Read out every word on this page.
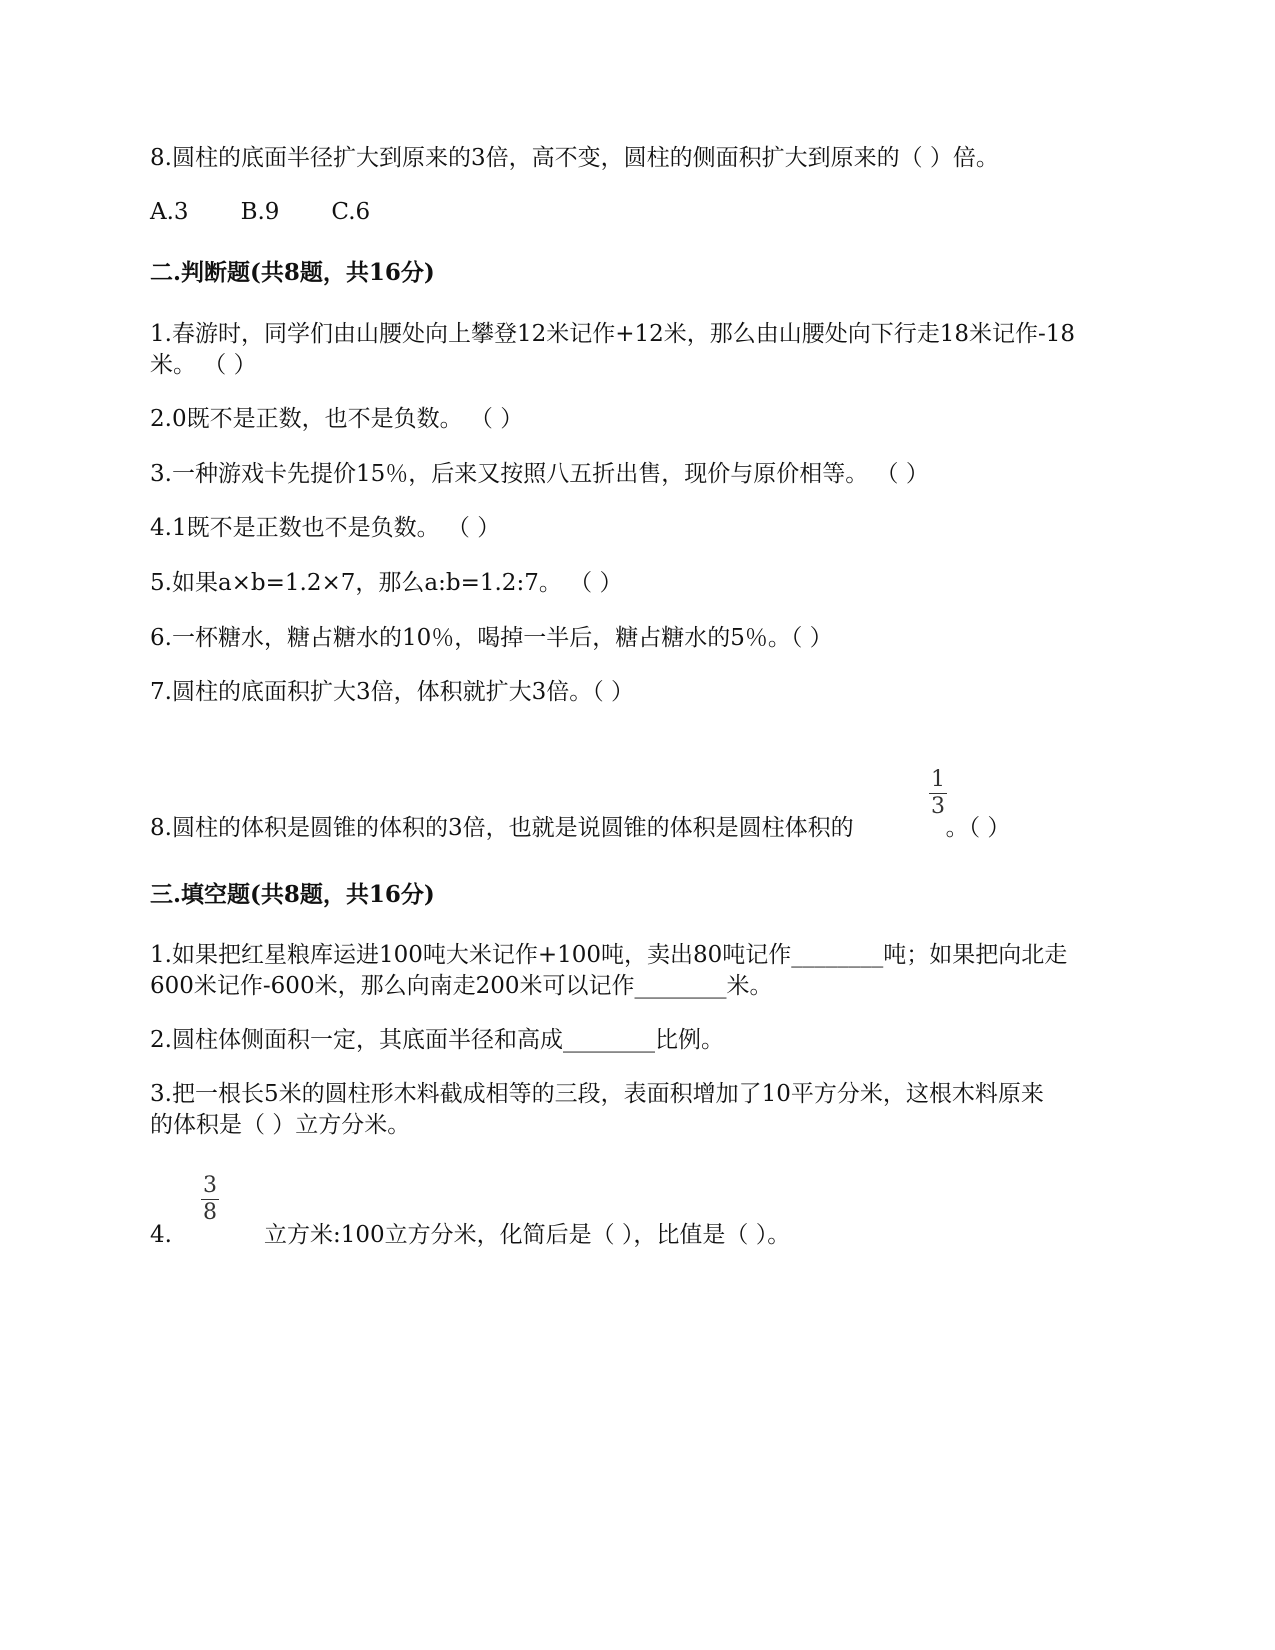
8.圆柱的底面半径扩大到原来的3倍，高不变，圆柱的侧面积扩大到原来的（ ）倍。
A.3 B.9 C.6
二.判断题(共8题，共16分)
1.春游时，同学们由山腰处向上攀登12米记作+12米，那么由山腰处向下行走18米记作-18
米。 （ ）
2.0既不是正数，也不是负数。 （ ）
3.一种游戏卡先提价15％，后来又按照八五折出售，现价与原价相等。 （ ）
4.1既不是正数也不是负数。 （ ）
5.如果a×b=1.2×7，那么a:b=1.2:7。 （ ）
6.一杯糖水，糖占糖水的10％，喝掉一半后，糖占糖水的5％。（ ）
7.圆柱的底面积扩大3倍，体积就扩大3倍。（ ）
8.圆柱的体积是圆锥的体积的3倍，也就是说圆锥的体积是圆柱体积的	。（ ）
1
3
三.填空题(共8题，共16分)
1.如果把红星粮库运进100吨大米记作+100吨，卖出80吨记作________吨；如果把向北走
600米记作-600米，那么向南走200米可以记作________米。
2.圆柱体侧面积一定，其底面半径和高成________比例。
3.把一根长5米的圆柱形木料截成相等的三段，表面积增加了10平方分米，这根木料原来
的体积是（ ）立方分米。
4.	立方米:100立方分米，化简后是（ ），比值是（ ）。
3
8
